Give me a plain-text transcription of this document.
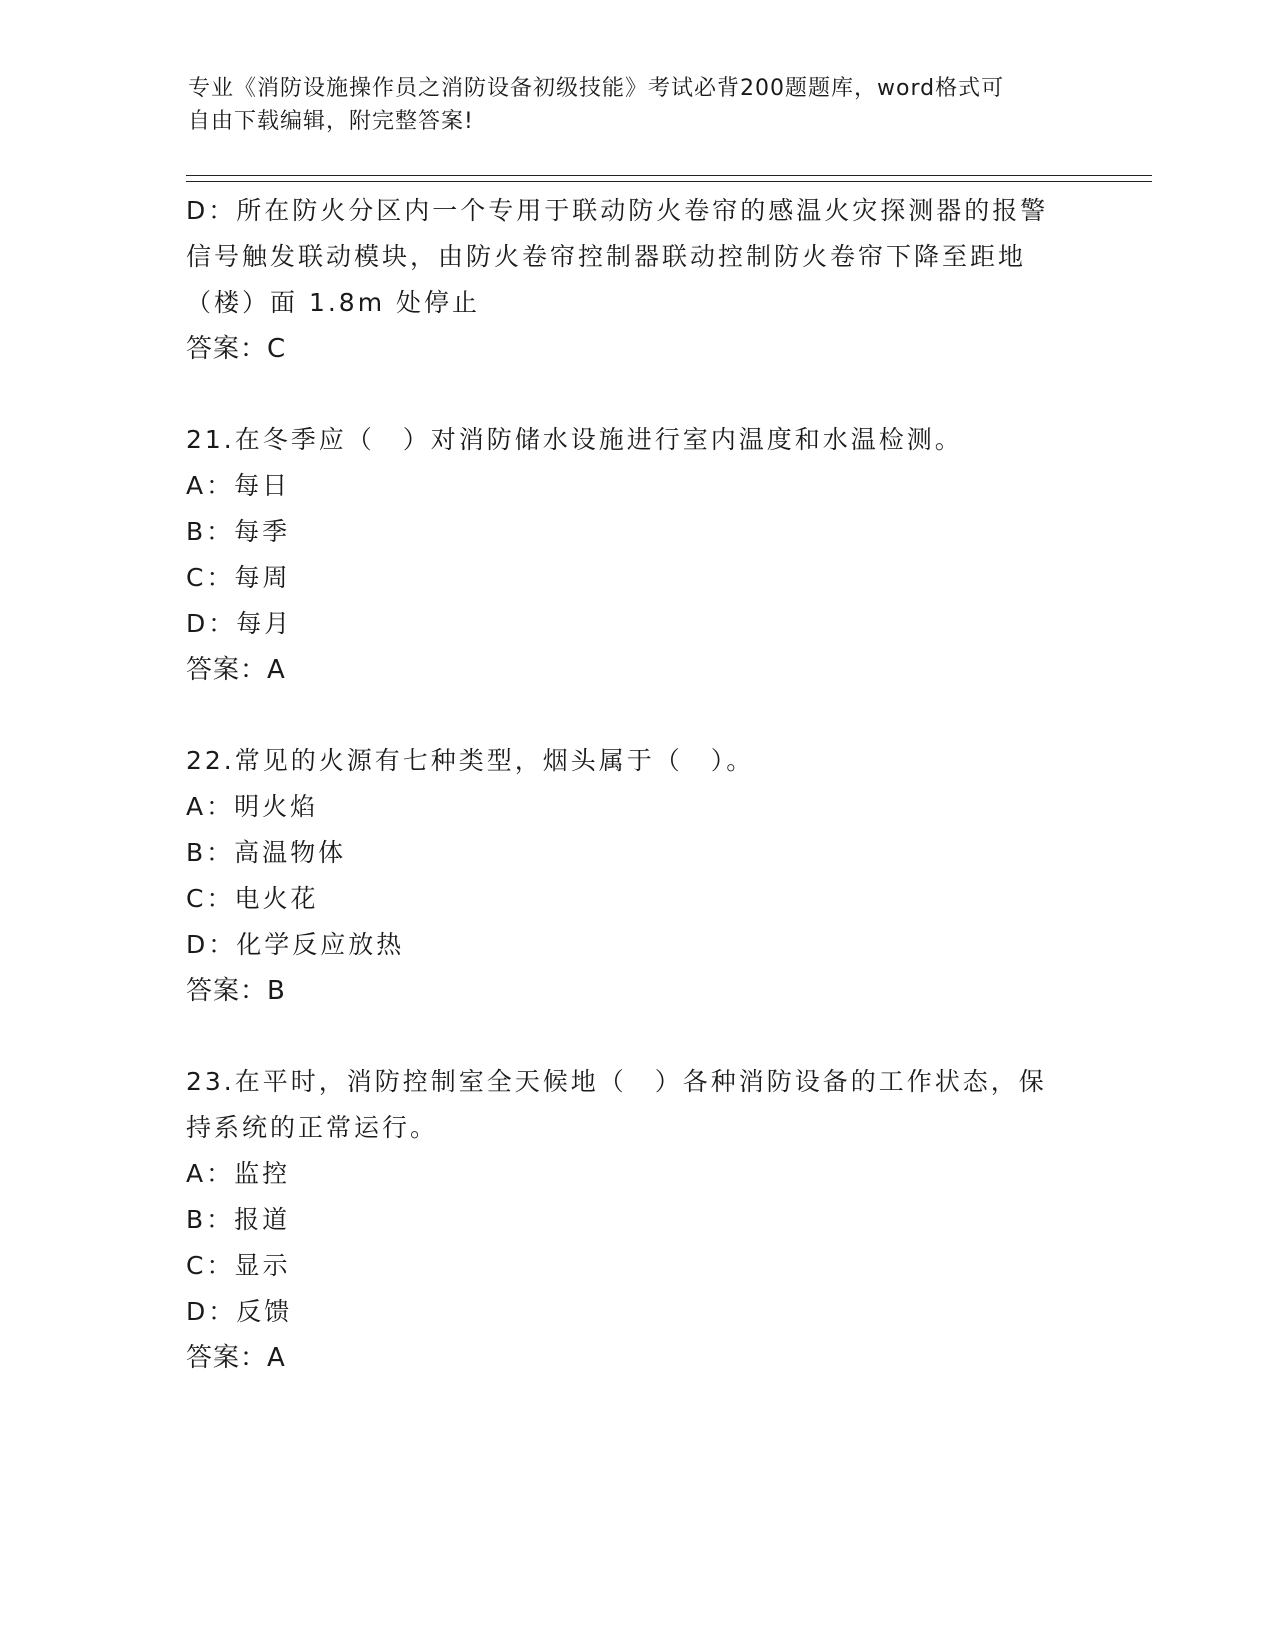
专业《消防设施操作员之消防设备初级技能》考试必背200题题库，word格式可
自由下载编辑，附完整答案!
D：所在防火分区内一个专用于联动防火卷帘的感温火灾探测器的报警
信号触发联动模块，由防火卷帘控制器联动控制防火卷帘下降至距地
（楼）面 1.8m 处停止
答案：C
21.在冬季应（　）对消防储水设施进行室内温度和水温检测。
A：每日
B：每季
C：每周
D：每月
答案：A
22.常见的火源有七种类型，烟头属于（　）。
A：明火焰
B：高温物体
C：电火花
D：化学反应放热
答案：B
23.在平时，消防控制室全天候地（　）各种消防设备的工作状态，保
持系统的正常运行。
A：监控
B：报道
C：显示
D：反馈
答案：A
